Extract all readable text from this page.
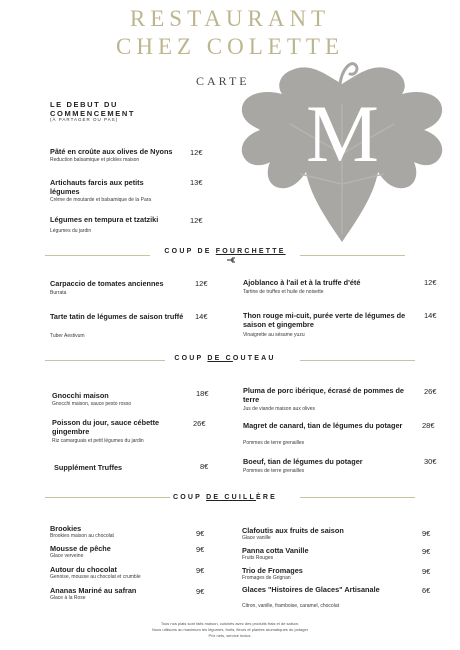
RESTAURANT
CHEZ COLETTE
M
CARTE
LE DEBUT DU
COMMENCEMENT
(À PARTAGER OU PAS)
Pâté en croûte aux olives de Nyons
Reduction balsamique et pickles maison
12€
Artichauts farcis aux petits légumes
Crème de moutarde et balsamique de la Para
13€
Légumes en tempura et tzatziki
Légumes du jardin
12€
COUP DE FOURCHETTE
Carpaccio de tomates anciennes
Burrata
12€
Tarte tatin de légumes de saison truffé
Tuber Aestivum
14€
Ajoblanco à l'ail et à la truffe d'été
Tartine de truffes et huile de noisette
12€
Thon rouge mi-cuit, purée verte de légumes de saison et gingembre
Vinaigrette au sésame yuzu
14€
COUP DE COUTEAU
Gnocchi maison
Gnocchi maison, sauce pesto rosso
18€
Poisson du jour, sauce cébette gingembre
Riz camarguais et petit légumes du jardin
26€
Supplément Truffes	8€
Pluma de porc ibérique, écrasé de pommes de terre
Jus de viande maison aux olives
26€
Magret de canard, tian de légumes du potager
Pommes de terre grenailles
28€
Boeuf, tian de légumes du potager
Pommes de terre grenailles
30€
COUP DE CUILLÈRE
Brookies
Brookies maison au chocolat	9€
Mousse de pêche
Glace verveine
9€
Autour du chocolat
Genoise, mousse au chocolat et crumble
9€
Ananas Mariné au safran
Glace à la Rose
9€
Clafoutis aux fruits de saison
Glace vanille	9€
Panna cotta Vanille
Fruits Rouges
9€
Trio de Fromages
Fromages de Grignan
9€
Glaces "Histoires de Glaces" Artisanale
Citron, vanille, framboise, caramel, chocolat
6€
Tous nos plats sont faits maison, cuisinés avec des produits frais et de saison.
Nous utilisons au maximum les légumes, fruits, fleurs et plantes aromatiques du potager
Prix nets, service inclus.
